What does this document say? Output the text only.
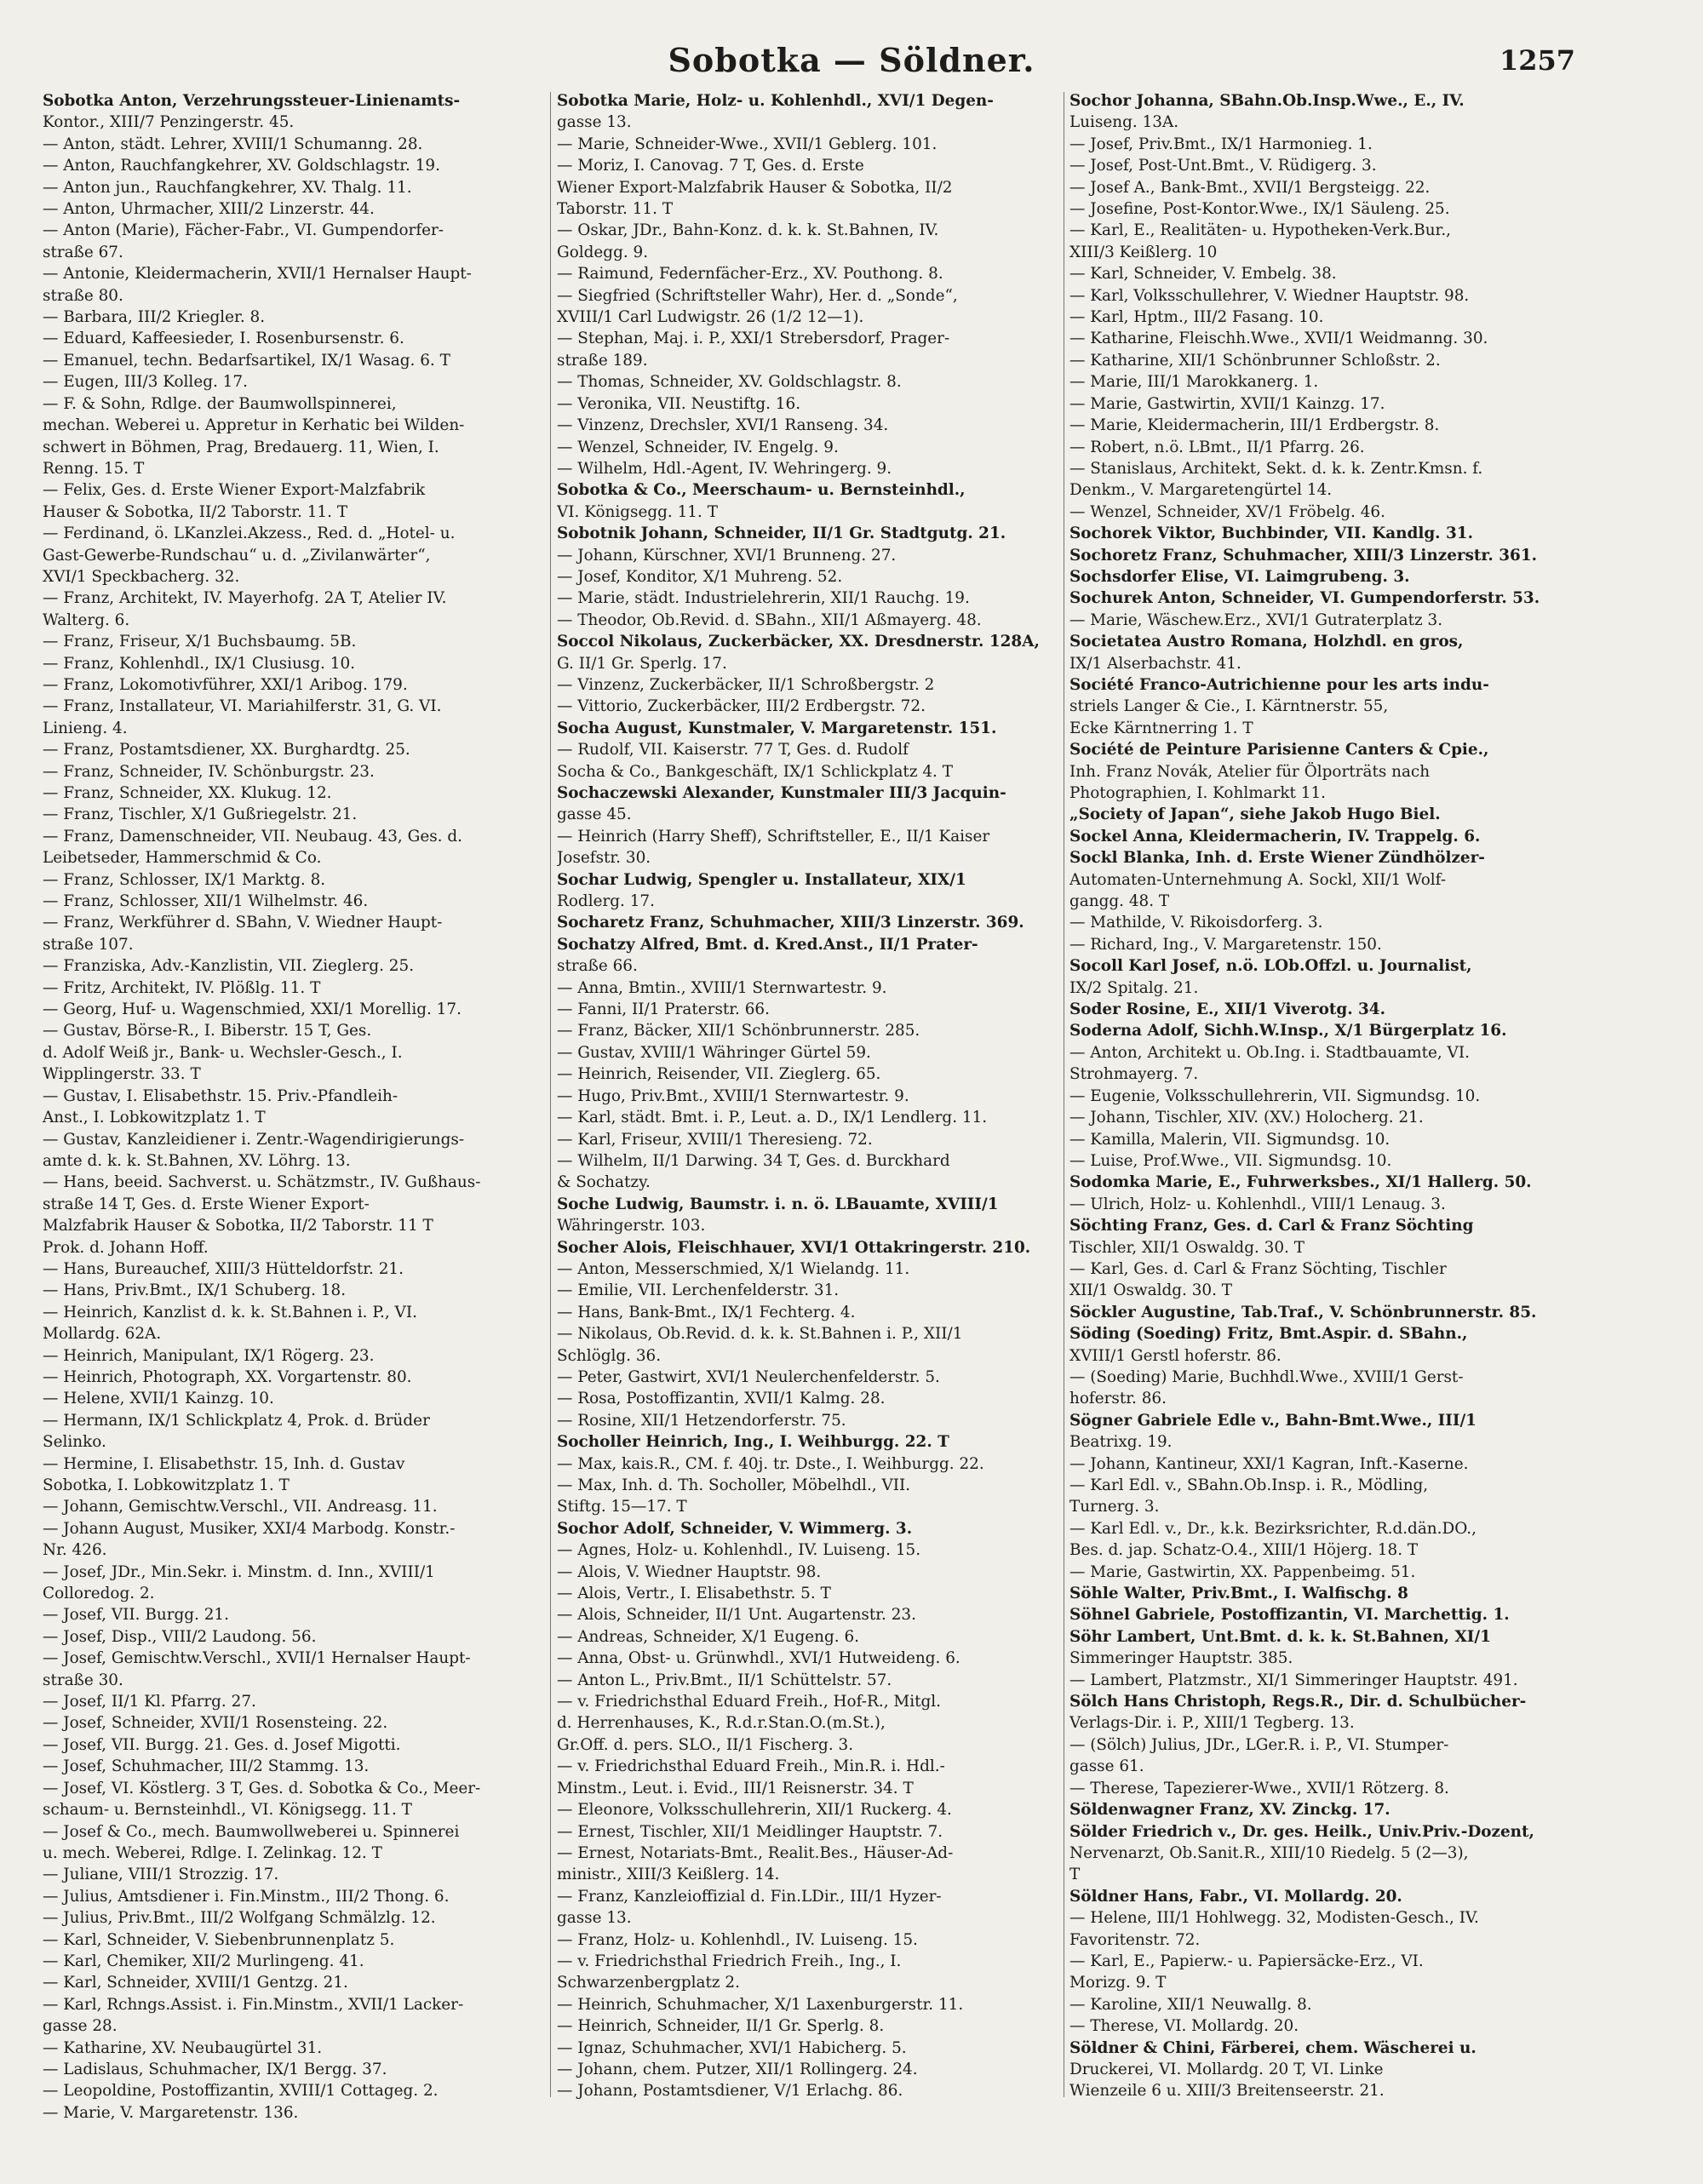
Sobotka — Söldner.	1257
Sobotka Anton, Verzehrungssteuer-Linienamts-
Kontor., XIII/7 Penzingerstr. 45.
— Anton, städt. Lehrer, XVIII/1 Schumanng. 28.
— Anton, Rauchfangkehrer, XV. Goldschlagstr. 19.
— Anton jun., Rauchfangkehrer, XV. Thalg. 11.
— Anton, Uhrmacher, XIII/2 Linzerstr. 44.
— Anton (Marie), Fächer-Fabr., VI. Gumpendorfer-
straße 67.
— Antonie, Kleidermacherin, XVII/1 Hernalser Haupt-
straße 80.
— Barbara, III/2 Kriegler. 8.
— Eduard, Kaffeesieder, I. Rosenbursenstr. 6.
— Emanuel, techn. Bedarfsartikel, IX/1 Wasag. 6. T
— Eugen, III/3 Kolleg. 17.
— F. & Sohn, Rdlge. der Baumwollspinnerei,
mechan. Weberei u. Appretur in Kerhatic bei Wilden-
schwert in Böhmen, Prag, Bredauerg. 11, Wien, I.
Renng. 15. T
— Felix, Ges. d. Erste Wiener Export-Malzfabrik
Hauser & Sobotka, II/2 Taborstr. 11. T
— Ferdinand, ö. LKanzlei.Akzess., Red. d. „Hotel- u.
Gast-Gewerbe-Rundschau“ u. d. „Zivilanwärter“,
XVI/1 Speckbacherg. 32.
— Franz, Architekt, IV. Mayerhofg. 2A T, Atelier IV.
Walterg. 6.
— Franz, Friseur, X/1 Buchsbaumg. 5B.
— Franz, Kohlenhdl., IX/1 Clusiusg. 10.
— Franz, Lokomotivführer, XXI/1 Aribog. 179.
— Franz, Installateur, VI. Mariahilferstr. 31, G. VI.
Linieng. 4.
— Franz, Postamtsdiener, XX. Burghardtg. 25.
— Franz, Schneider, IV. Schönburgstr. 23.
— Franz, Schneider, XX. Klukug. 12.
— Franz, Tischler, X/1 Gußriegelstr. 21.
— Franz, Damenschneider, VII. Neubaug. 43, Ges. d.
Leibetseder, Hammerschmid & Co.
— Franz, Schlosser, IX/1 Marktg. 8.
— Franz, Schlosser, XII/1 Wilhelmstr. 46.
— Franz, Werkführer d. SBahn, V. Wiedner Haupt-
straße 107.
— Franziska, Adv.-Kanzlistin, VII. Zieglerg. 25.
— Fritz, Architekt, IV. Plößlg. 11. T
— Georg, Huf- u. Wagenschmied, XXI/1 Morellig. 17.
— Gustav, Börse-R., I. Biberstr. 15 T, Ges.
d. Adolf Weiß jr., Bank- u. Wechsler-Gesch., I.
Wipplingerstr. 33. T
— Gustav, I. Elisabethstr. 15. Priv.-Pfandleih-
Anst., I. Lobkowitzplatz 1. T
— Gustav, Kanzleidiener i. Zentr.-Wagendirigierungs-
amte d. k. k. St.Bahnen, XV. Löhrg. 13.
— Hans, beeid. Sachverst. u. Schätzmstr., IV. Gußhaus-
straße 14 T, Ges. d. Erste Wiener Export-
Malzfabrik Hauser & Sobotka, II/2 Taborstr. 11 T
Prok. d. Johann Hoff.
— Hans, Bureauchef, XIII/3 Hütteldorfstr. 21.
— Hans, Priv.Bmt., IX/1 Schuberg. 18.
— Heinrich, Kanzlist d. k. k. St.Bahnen i. P., VI.
Mollardg. 62A.
— Heinrich, Manipulant, IX/1 Rögerg. 23.
— Heinrich, Photograph, XX. Vorgartenstr. 80.
— Helene, XVII/1 Kainzg. 10.
— Hermann, IX/1 Schlickplatz 4, Prok. d. Brüder
Selinko.
— Hermine, I. Elisabethstr. 15, Inh. d. Gustav
Sobotka, I. Lobkowitzplatz 1. T
— Johann, Gemischtw.Verschl., VII. Andreasg. 11.
— Johann August, Musiker, XXI/4 Marbodg. Konstr.-
Nr. 426.
— Josef, JDr., Min.Sekr. i. Minstm. d. Inn., XVIII/1
Colloredog. 2.
— Josef, VII. Burgg. 21.
— Josef, Disp., VIII/2 Laudong. 56.
— Josef, Gemischtw.Verschl., XVII/1 Hernalser Haupt-
straße 30.
— Josef, II/1 Kl. Pfarrg. 27.
— Josef, Schneider, XVII/1 Rosensteing. 22.
— Josef, VII. Burgg. 21. Ges. d. Josef Migotti.
— Josef, Schuhmacher, III/2 Stammg. 13.
— Josef, VI. Köstlerg. 3 T, Ges. d. Sobotka & Co., Meer-
schaum- u. Bernsteinhdl., VI. Königsegg. 11. T
— Josef & Co., mech. Baumwollweberei u. Spinnerei
u. mech. Weberei, Rdlge. I. Zelinkag. 12. T
— Juliane, VIII/1 Strozzig. 17.
— Julius, Amtsdiener i. Fin.Minstm., III/2 Thong. 6.
— Julius, Priv.Bmt., III/2 Wolfgang Schmälzlg. 12.
— Karl, Schneider, V. Siebenbrunnenplatz 5.
— Karl, Chemiker, XII/2 Murlingeng. 41.
— Karl, Schneider, XVIII/1 Gentzg. 21.
— Karl, Rchngs.Assist. i. Fin.Minstm., XVII/1 Lacker-
gasse 28.
— Katharine, XV. Neubaugürtel 31.
— Ladislaus, Schuhmacher, IX/1 Bergg. 37.
— Leopoldine, Postoffizantin, XVIII/1 Cottageg. 2.
— Marie, V. Margaretenstr. 136.
Sobotka Marie, Holz- u. Kohlenhdl., XVI/1 Degen-
gasse 13.
— Marie, Schneider-Wwe., XVII/1 Geblerg. 101.
— Moriz, I. Canovag. 7 T, Ges. d. Erste
Wiener Export-Malzfabrik Hauser & Sobotka, II/2
Taborstr. 11. T
— Oskar, JDr., Bahn-Konz. d. k. k. St.Bahnen, IV.
Goldegg. 9.
— Raimund, Federnfächer-Erz., XV. Pouthong. 8.
— Siegfried (Schriftsteller Wahr), Her. d. „Sonde“,
XVIII/1 Carl Ludwigstr. 26 (1/2 12—1).
— Stephan, Maj. i. P., XXI/1 Strebersdorf, Prager-
straße 189.
— Thomas, Schneider, XV. Goldschlagstr. 8.
— Veronika, VII. Neustiftg. 16.
— Vinzenz, Drechsler, XVI/1 Ranseng. 34.
— Wenzel, Schneider, IV. Engelg. 9.
— Wilhelm, Hdl.-Agent, IV. Wehringerg. 9.
Sobotka & Co., Meerschaum- u. Bernsteinhdl.,
VI. Königsegg. 11. T
Sobotnik Johann, Schneider, II/1 Gr. Stadtgutg. 21.
— Johann, Kürschner, XVI/1 Brunneng. 27.
— Josef, Konditor, X/1 Muhreng. 52.
— Marie, städt. Industrielehrerin, XII/1 Rauchg. 19.
— Theodor, Ob.Revid. d. SBahn., XII/1 Aßmayerg. 48.
Soccol Nikolaus, Zuckerbäcker, XX. Dresdnerstr. 128A,
G. II/1 Gr. Sperlg. 17.
— Vinzenz, Zuckerbäcker, II/1 Schroßbergstr. 2
— Vittorio, Zuckerbäcker, III/2 Erdbergstr. 72.
Socha August, Kunstmaler, V. Margaretenstr. 151.
— Rudolf, VII. Kaiserstr. 77 T, Ges. d. Rudolf
Socha & Co., Bankgeschäft, IX/1 Schlickplatz 4. T
Sochaczewski Alexander, Kunstmaler III/3 Jacquin-
gasse 45.
— Heinrich (Harry Sheff), Schriftsteller, E., II/1 Kaiser
Josefstr. 30.
Sochar Ludwig, Spengler u. Installateur, XIX/1
Rodlerg. 17.
Socharetz Franz, Schuhmacher, XIII/3 Linzerstr. 369.
Sochatzy Alfred, Bmt. d. Kred.Anst., II/1 Prater-
straße 66.
— Anna, Bmtin., XVIII/1 Sternwartestr. 9.
— Fanni, II/1 Praterstr. 66.
— Franz, Bäcker, XII/1 Schönbrunnerstr. 285.
— Gustav, XVIII/1 Währinger Gürtel 59.
— Heinrich, Reisender, VII. Zieglerg. 65.
— Hugo, Priv.Bmt., XVIII/1 Sternwartestr. 9.
— Karl, städt. Bmt. i. P., Leut. a. D., IX/1 Lendlerg. 11.
— Karl, Friseur, XVIII/1 Theresieng. 72.
— Wilhelm, II/1 Darwing. 34 T, Ges. d. Burckhard
& Sochatzy.
Soche Ludwig, Baumstr. i. n. ö. LBauamte, XVIII/1
Währingerstr. 103.
Socher Alois, Fleischhauer, XVI/1 Ottakringerstr. 210.
— Anton, Messerschmied, X/1 Wielandg. 11.
— Emilie, VII. Lerchenfelderstr. 31.
— Hans, Bank-Bmt., IX/1 Fechterg. 4.
— Nikolaus, Ob.Revid. d. k. k. St.Bahnen i. P., XII/1
Schlöglg. 36.
— Peter, Gastwirt, XVI/1 Neulerchenfelderstr. 5.
— Rosa, Postoffizantin, XVII/1 Kalmg. 28.
— Rosine, XII/1 Hetzendorferstr. 75.
Socholler Heinrich, Ing., I. Weihburgg. 22. T
— Max, kais.R., CM. f. 40j. tr. Dste., I. Weihburgg. 22.
— Max, Inh. d. Th. Socholler, Möbelhdl., VII.
Stiftg. 15—17. T
Sochor Adolf, Schneider, V. Wimmerg. 3.
— Agnes, Holz- u. Kohlenhdl., IV. Luiseng. 15.
— Alois, V. Wiedner Hauptstr. 98.
— Alois, Vertr., I. Elisabethstr. 5. T
— Alois, Schneider, II/1 Unt. Augartenstr. 23.
— Andreas, Schneider, X/1 Eugeng. 6.
— Anna, Obst- u. Grünwhdl., XVI/1 Hutweideng. 6.
— Anton L., Priv.Bmt., II/1 Schüttelstr. 57.
— v. Friedrichsthal Eduard Freih., Hof-R., Mitgl.
d. Herrenhauses, K., R.d.r.Stan.O.(m.St.),
Gr.Off. d. pers. SLO., II/1 Fischerg. 3.
— v. Friedrichsthal Eduard Freih., Min.R. i. Hdl.-
Minstm., Leut. i. Evid., III/1 Reisnerstr. 34. T
— Eleonore, Volksschullehrerin, XII/1 Ruckerg. 4.
— Ernest, Tischler, XII/1 Meidlinger Hauptstr. 7.
— Ernest, Notariats-Bmt., Realit.Bes., Häuser-Ad-
ministr., XIII/3 Keißlerg. 14.
— Franz, Kanzleioffizial d. Fin.LDir., III/1 Hyzer-
gasse 13.
— Franz, Holz- u. Kohlenhdl., IV. Luiseng. 15.
— v. Friedrichsthal Friedrich Freih., Ing., I.
Schwarzenbergplatz 2.
— Heinrich, Schuhmacher, X/1 Laxenburgerstr. 11.
— Heinrich, Schneider, II/1 Gr. Sperlg. 8.
— Ignaz, Schuhmacher, XVI/1 Habicherg. 5.
— Johann, chem. Putzer, XII/1 Rollingerg. 24.
— Johann, Postamtsdiener, V/1 Erlachg. 86.
Sochor Johanna, SBahn.Ob.Insp.Wwe., E., IV.
Luiseng. 13A.
— Josef, Priv.Bmt., IX/1 Harmonieg. 1.
— Josef, Post-Unt.Bmt., V. Rüdigerg. 3.
— Josef A., Bank-Bmt., XVII/1 Bergsteigg. 22.
— Josefine, Post-Kontor.Wwe., IX/1 Säuleng. 25.
— Karl, E., Realitäten- u. Hypotheken-Verk.Bur.,
XIII/3 Keißlerg. 10
— Karl, Schneider, V. Embelg. 38.
— Karl, Volksschullehrer, V. Wiedner Hauptstr. 98.
— Karl, Hptm., III/2 Fasang. 10.
— Katharine, Fleischh.Wwe., XVII/1 Weidmanng. 30.
— Katharine, XII/1 Schönbrunner Schloßstr. 2.
— Marie, III/1 Marokkanerg. 1.
— Marie, Gastwirtin, XVII/1 Kainzg. 17.
— Marie, Kleidermacherin, III/1 Erdbergstr. 8.
— Robert, n.ö. LBmt., II/1 Pfarrg. 26.
— Stanislaus, Architekt, Sekt. d. k. k. Zentr.Kmsn. f.
Denkm., V. Margaretengürtel 14.
— Wenzel, Schneider, XV/1 Fröbelg. 46.
Sochorek Viktor, Buchbinder, VII. Kandlg. 31.
Sochoretz Franz, Schuhmacher, XIII/3 Linzerstr. 361.
Sochsdorfer Elise, VI. Laimgrubeng. 3.
Sochurek Anton, Schneider, VI. Gumpendorferstr. 53.
— Marie, Wäschew.Erz., XVI/1 Gutraterplatz 3.
Societatea Austro Romana, Holzhdl. en gros,
IX/1 Alserbachstr. 41.
Société Franco-Autrichienne pour les arts indu-
striels Langer & Cie., I. Kärntnerstr. 55,
Ecke Kärntnerring 1. T
Société de Peinture Parisienne Canters & Cpie.,
Inh. Franz Novák, Atelier für Ölporträts nach
Photographien, I. Kohlmarkt 11.
„Society of Japan“, siehe Jakob Hugo Biel.
Sockel Anna, Kleidermacherin, IV. Trappelg. 6.
Sockl Blanka, Inh. d. Erste Wiener Zündhölzer-
Automaten-Unternehmung A. Sockl, XII/1 Wolf-
gangg. 48. T
— Mathilde, V. Rikoisdorferg. 3.
— Richard, Ing., V. Margaretenstr. 150.
Socoll Karl Josef, n.ö. LOb.Offzl. u. Journalist,
IX/2 Spitalg. 21.
Soder Rosine, E., XII/1 Viverotg. 34.
Soderna Adolf, Sichh.W.Insp., X/1 Bürgerplatz 16.
— Anton, Architekt u. Ob.Ing. i. Stadtbauamte, VI.
Strohmayerg. 7.
— Eugenie, Volksschullehrerin, VII. Sigmundsg. 10.
— Johann, Tischler, XIV. (XV.) Holocherg. 21.
— Kamilla, Malerin, VII. Sigmundsg. 10.
— Luise, Prof.Wwe., VII. Sigmundsg. 10.
Sodomka Marie, E., Fuhrwerksbes., XI/1 Hallerg. 50.
— Ulrich, Holz- u. Kohlenhdl., VIII/1 Lenaug. 3.
Söchting Franz, Ges. d. Carl & Franz Söchting
Tischler, XII/1 Oswaldg. 30. T
— Karl, Ges. d. Carl & Franz Söchting, Tischler
XII/1 Oswaldg. 30. T
Söckler Augustine, Tab.Traf., V. Schönbrunnerstr. 85.
Söding (Soeding) Fritz, Bmt.Aspir. d. SBahn.,
XVIII/1 Gerstl hoferstr. 86.
— (Soeding) Marie, Buchhdl.Wwe., XVIII/1 Gerst-
hoferstr. 86.
Sögner Gabriele Edle v., Bahn-Bmt.Wwe., III/1
Beatrixg. 19.
— Johann, Kantineur, XXI/1 Kagran, Inft.-Kaserne.
— Karl Edl. v., SBahn.Ob.Insp. i. R., Mödling,
Turnerg. 3.
— Karl Edl. v., Dr., k.k. Bezirksrichter, R.d.dän.DO.,
Bes. d. jap. Schatz-O.4., XIII/1 Höjerg. 18. T
— Marie, Gastwirtin, XX. Pappenbeimg. 51.
Söhle Walter, Priv.Bmt., I. Walfischg. 8
Söhnel Gabriele, Postoffizantin, VI. Marchettig. 1.
Söhr Lambert, Unt.Bmt. d. k. k. St.Bahnen, XI/1
Simmeringer Hauptstr. 385.
— Lambert, Platzmstr., XI/1 Simmeringer Hauptstr. 491.
Sölch Hans Christoph, Regs.R., Dir. d. Schulbücher-
Verlags-Dir. i. P., XIII/1 Tegberg. 13.
— (Sölch) Julius, JDr., LGer.R. i. P., VI. Stumper-
gasse 61.
— Therese, Tapezierer-Wwe., XVII/1 Rötzerg. 8.
Söldenwagner Franz, XV. Zinckg. 17.
Sölder Friedrich v., Dr. ges. Heilk., Univ.Priv.-Dozent,
Nervenarzt, Ob.Sanit.R., XIII/10 Riedelg. 5 (2—3),
T
Söldner Hans, Fabr., VI. Mollardg. 20.
— Helene, III/1 Hohlwegg. 32, Modisten-Gesch., IV.
Favoritenstr. 72.
— Karl, E., Papierw.- u. Papiersäcke-Erz., VI.
Morizg. 9. T
— Karoline, XII/1 Neuwallg. 8.
— Therese, VI. Mollardg. 20.
Söldner & Chini, Färberei, chem. Wäscherei u.
Druckerei, VI. Mollardg. 20 T, VI. Linke
Wienzeile 6 u. XIII/3 Breitenseerstr. 21.
